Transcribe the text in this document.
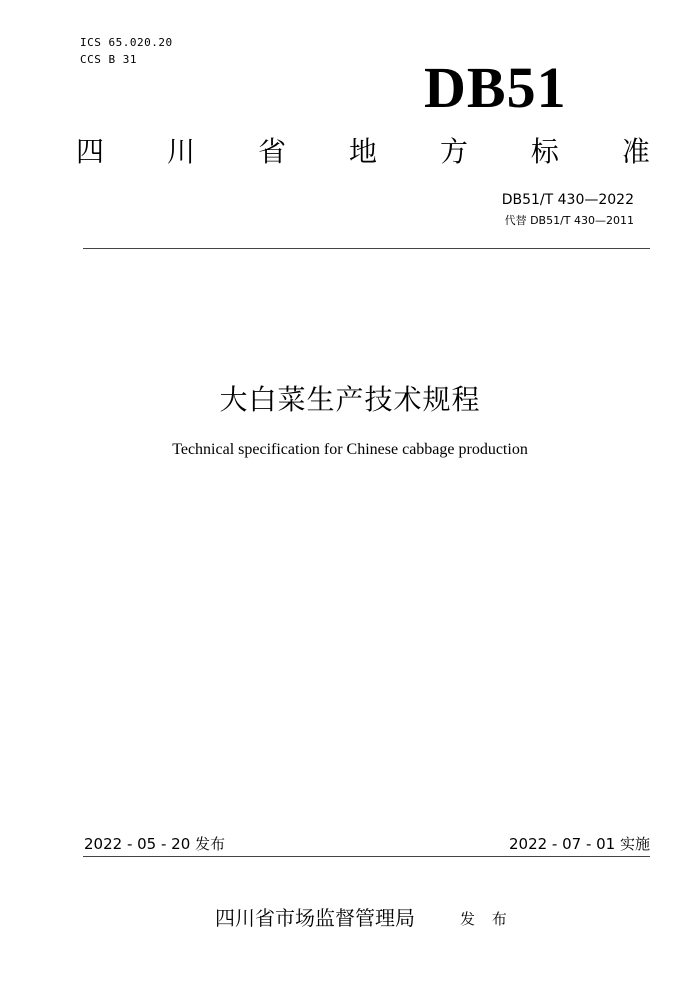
ICS 65.020.20
CCS B 31	DB51
四 川 省 地 方 标 准
DB51/T 430—2022
代替 DB51/T 430—2011
大白菜生产技术规程
Technical specification for Chinese cabbage production
2022 - 05 - 20 发布	2022 - 07 - 01 实施
四川省市场监督管理局	发 布
